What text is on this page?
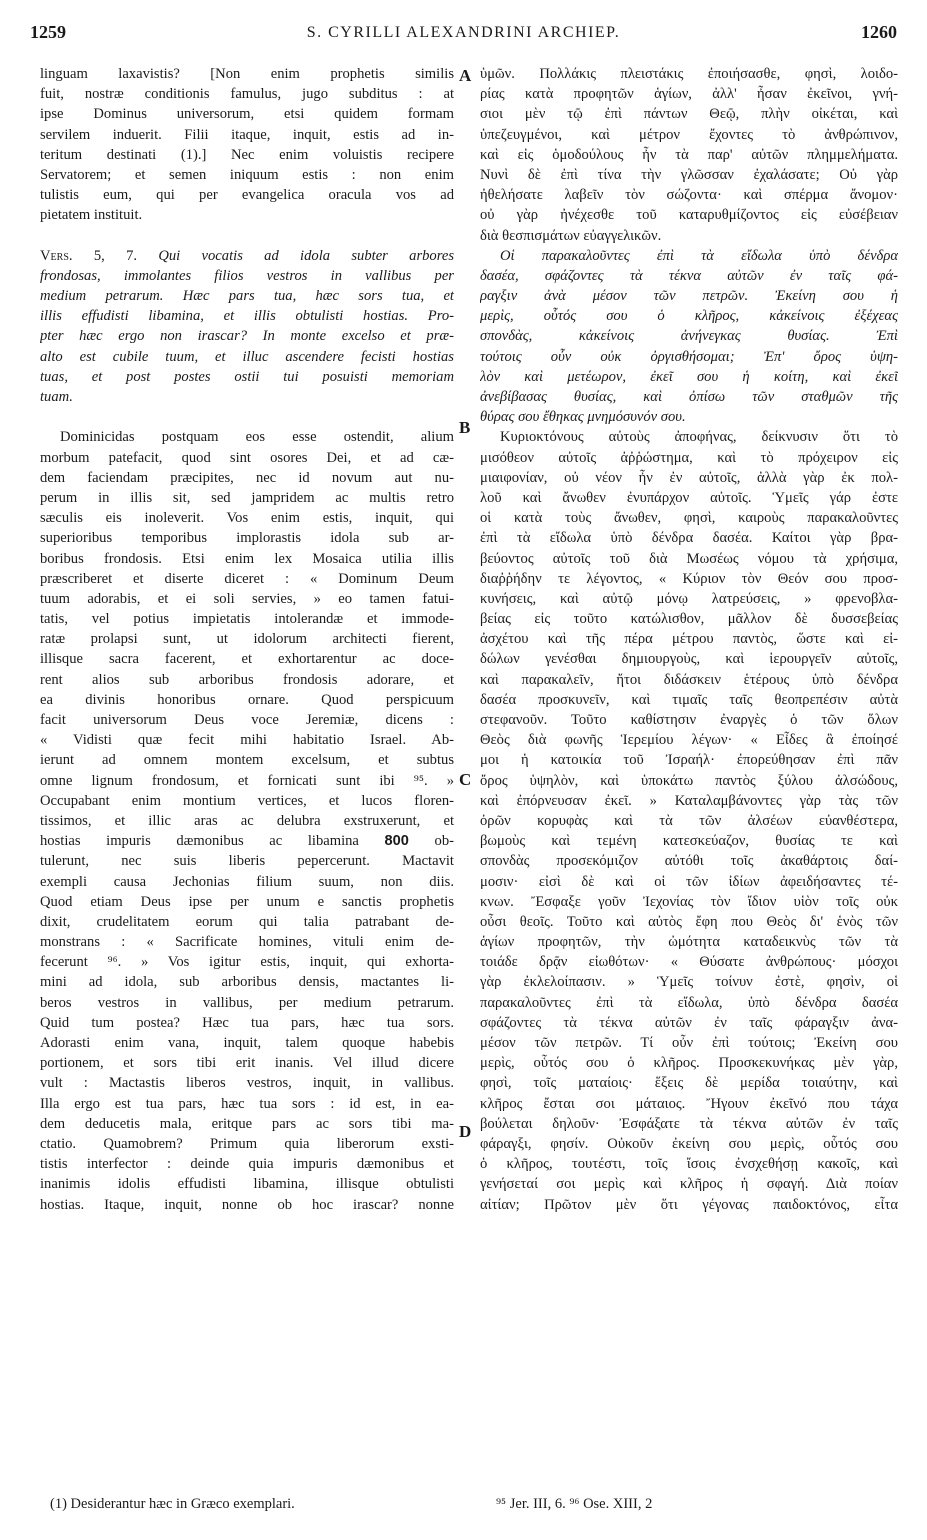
1259	S. CYRILLI ALEXANDRINI ARCHIEP.	1260
linguam laxavistis? [Non enim prophetis similis
fuit, nostræ conditionis famulus, jugo subditus : at
ipse Dominus universorum, etsi quidem formam
servilem induerit. Filii itaque, inquit, estis ad in-
teritum destinati (1).] Nec enim voluistis recipere
Servatorem; et semen iniquum estis : non enim
tulistis eum, qui per evangelica oracula vos ad
pietatem instituit.
Vers. 5, 7. Qui vocatis ad idola subter arbores
frondosas, immolantes filios vestros in vallibus per
medium petrarum. Hæc pars tua, hæc sors tua, et
illis effudisti libamina, et illis obtulisti hostias. Pro-
pter hæc ergo non irascar? In monte excelso et præ-
alto est cubile tuum, et illuc ascendere fecisti hostias
tuas, et post postes ostii tui posuisti memoriam
tuam.
Dominicidas postquam eos esse ostendit, alium
morbum patefacit, quod sint osores Dei, et ad cæ-
dem faciendam præcipites, nec id novum aut nu-
perum in illis sit, sed jampridem ac multis retro
sæculis eis inoleverit. Vos enim estis, inquit, qui
superioribus temporibus implorastis idola sub ar-
boribus frondosis. Etsi enim lex Mosaica utilia illis
præscriberet et diserte diceret : « Dominum Deum
tuum adorabis, et ei soli servies, » eo tamen fatui-
tatis, vel potius impietatis intolerandæ et immode-
ratæ prolapsi sunt, ut idolorum architecti fierent,
illisque sacra facerent, et exhortarentur ac doce-
rent alios sub arboribus frondosis adorare, et
ea divinis honoribus ornare. Quod perspicuum
facit universorum Deus voce Jeremiæ, dicens :
« Vidisti quæ fecit mihi habitatio Israel. Ab-
ierunt ad omnem montem excelsum, et subtus
omne lignum frondosum, et fornicati sunt ibi ⁹⁵. »
Occupabant enim montium vertices, et lucos floren-
tissimos, et illic aras ac delubra exstruxerunt, et
hostias impuris dæmonibus ac libamina 800 ob-
tulerunt, nec suis liberis pepercerunt. Mactavit
exempli causa Jechonias filium suum, non diis.
Quod etiam Deus ipse per unum e sanctis prophetis
dixit, crudelitatem eorum qui talia patrabant de-
monstrans : « Sacrificate homines, vituli enim de-
fecerunt ⁹⁶. » Vos igitur estis, inquit, qui exhorta-
mini ad idola, sub arboribus densis, mactantes li-
beros vestros in vallibus, per medium petrarum.
Quid tum postea? Hæc tua pars, hæc tua sors.
Adorasti enim vana, inquit, talem quoque habebis
portionem, et sors tibi erit inanis. Vel illud dicere
vult : Mactastis liberos vestros, inquit, in vallibus.
Illa ergo est tua pars, hæc tua sors : id est, in ea-
dem deducetis mala, eritque pars ac sors tibi ma-
ctatio. Quamobrem? Primum quia liberorum exsti-
tistis interfector : deinde quia impuris dæmonibus et
inanimis idolis effudisti libamina, illisque obtulisti
hostias. Itaque, inquit, nonne ob hoc irascar? nonne
A
B
C
D
ὑμῶν. Πολλάκις πλειστάκις ἐποιήσασθε, φησὶ, λοιδο-
ρίας κατὰ προφητῶν ἁγίων, ἀλλ' ἦσαν ἐκεῖνοι, γνή-
σιοι μὲν τῷ ἐπὶ πάντων Θεῷ, πλὴν οἰκέται, καὶ
ὑπεζευγμένοι, καὶ μέτρον ἔχοντες τὸ ἀνθρώπινον,
καὶ εἰς ὁμοδούλους ἦν τὰ παρ' αὐτῶν πλημμελήματα.
Νυνὶ δὲ ἐπὶ τίνα τὴν γλῶσσαν ἐχαλάσατε; Οὐ γὰρ
ἠθελήσατε λαβεῖν τὸν σώζοντα· καὶ σπέρμα ἄνομον·
οὐ γὰρ ἠνέχεσθε τοῦ καταρυθμίζοντος εἰς εὐσέβειαν
διὰ θεσπισμάτων εὐαγγελικῶν.
Οἱ παρακαλοῦντες ἐπὶ τὰ εἴδωλα ὑπὸ δένδρα
δασέα, σφάζοντες τὰ τέκνα αὐτῶν ἐν ταῖς φά-
ραγξιν ἀνὰ μέσον τῶν πετρῶν. Ἐκείνη σου ἡ
μερὶς, οὗτός σου ὁ κλῆρος, κἀκείνοις ἐξέχεας
σπονδὰς, κἀκείνοις ἀνήνεγκας θυσίας. Ἐπὶ
τούτοις οὖν οὐκ ὀργισθήσομαι; Ἐπ' ὄρος ὑψη-
λὸν καὶ μετέωρον, ἐκεῖ σου ἡ κοίτη, καὶ ἐκεῖ
ἀνεβίβασας θυσίας, καὶ ὀπίσω τῶν σταθμῶν τῆς
θύρας σου ἔθηκας μνημόσυνόν σου.
Κυριοκτόνους αὐτοὺς ἀποφήνας, δείκνυσιν ὅτι τὸ
μισόθεον αὐτοῖς ἀῤῥώστημα, καὶ τὸ πρόχειρον εἰς
μιαιφονίαν, οὐ νέον ἦν ἐν αὐτοῖς, ἀλλὰ γὰρ ἐκ πολ-
λοῦ καὶ ἄνωθεν ἐνυπάρχον αὐτοῖς. Ὑμεῖς γάρ ἐστε
οἱ κατὰ τοὺς ἄνωθεν, φησὶ, καιροὺς παρακαλοῦντες
ἐπὶ τὰ εἴδωλα ὑπὸ δένδρα δασέα. Καίτοι γὰρ βρα-
βεύοντος αὐτοῖς τοῦ διὰ Μωσέως νόμου τὰ χρήσιμα,
διαῤῥήδην τε λέγοντος, « Κύριον τὸν Θεόν σου προσ-
κυνήσεις, καὶ αὐτῷ μόνῳ λατρεύσεις, » φρενοβλα-
βείας εἰς τοῦτο κατώλισθον, μᾶλλον δὲ δυσσεβείας
ἀσχέτου καὶ τῆς πέρα μέτρου παντὸς, ὥστε καὶ εἰ-
δώλων γενέσθαι δημιουργοὺς, καὶ ἱερουργεῖν αὐτοῖς,
καὶ παρακαλεῖν, ἤτοι διδάσκειν ἑτέρους ὑπὸ δένδρα
δασέα προσκυνεῖν, καὶ τιμαῖς ταῖς θεοπρεπέσιν αὐτὰ
στεφανοῦν. Τοῦτο καθίστησιν ἐναργὲς ὁ τῶν ὅλων
Θεὸς διὰ φωνῆς Ἱερεμίου λέγων· « Εἶδες ἃ ἐποίησέ
μοι ἡ κατοικία τοῦ Ἰσραήλ· ἐπορεύθησαν ἐπὶ πᾶν
ὄρος ὑψηλὸν, καὶ ὑποκάτω παντὸς ξύλου ἀλσώδους,
καὶ ἐπόρνευσαν ἐκεῖ. » Καταλαμβάνοντες γὰρ τὰς τῶν
ὀρῶν κορυφὰς καὶ τὰ τῶν ἀλσέων εὐανθέστερα,
βωμοὺς καὶ τεμένη κατεσκεύαζον, θυσίας τε καὶ
σπονδὰς προσεκόμιζον αὐτόθι τοῖς ἀκαθάρτοις δαί-
μοσιν· εἰσὶ δὲ καὶ οἱ τῶν ἰδίων ἀφειδήσαντες τέ-
κνων. Ἔσφαξε γοῦν Ἰεχονίας τὸν ἴδιον υἱὸν τοῖς οὐκ
οὖσι θεοῖς. Τοῦτο καὶ αὐτὸς ἔφη που Θεὸς δι' ἑνὸς τῶν
ἁγίων προφητῶν, τὴν ὠμότητα καταδεικνὺς τῶν τὰ
τοιάδε δρᾷν εἰωθότων· « Θύσατε ἀνθρώπους· μόσχοι
γὰρ ἐκλελοίπασιν. » Ὑμεῖς τοίνυν ἐστὲ, φησὶν, οἱ
παρακαλοῦντες ἐπὶ τὰ εἴδωλα, ὑπὸ δένδρα δασέα
σφάζοντες τὰ τέκνα αὐτῶν ἐν ταῖς φάραγξιν ἀνα-
μέσον τῶν πετρῶν. Τί οὖν ἐπὶ τούτοις; Ἐκείνη σου
μερὶς, οὗτός σου ὁ κλῆρος. Προσκεκυνήκας μὲν γὰρ,
φησὶ, τοῖς ματαίοις· ἕξεις δὲ μερίδα τοιαύτην, καὶ
κλῆρος ἔσται σοι μάταιος. Ἤγουν ἐκεῖνό που τάχα
βούλεται δηλοῦν· Ἐσφάξατε τὰ τέκνα αὐτῶν ἐν ταῖς
φάραγξι, φησίν. Οὐκοῦν ἐκείνη σου μερὶς, οὗτός σου
ὁ κλῆρος, τουτέστι, τοῖς ἴσοις ἐνσχεθήσῃ κακοῖς, καὶ
γενήσεταί σοι μερὶς καὶ κλῆρος ἡ σφαγή. Διὰ ποίαν
αἰτίαν; Πρῶτον μὲν ὅτι γέγονας παιδοκτόνος, εἶτα
(1) Desiderantur hæc in Græco exemplari.	⁹⁵ Jer. III, 6. ⁹⁶ Ose. XIII, 2
